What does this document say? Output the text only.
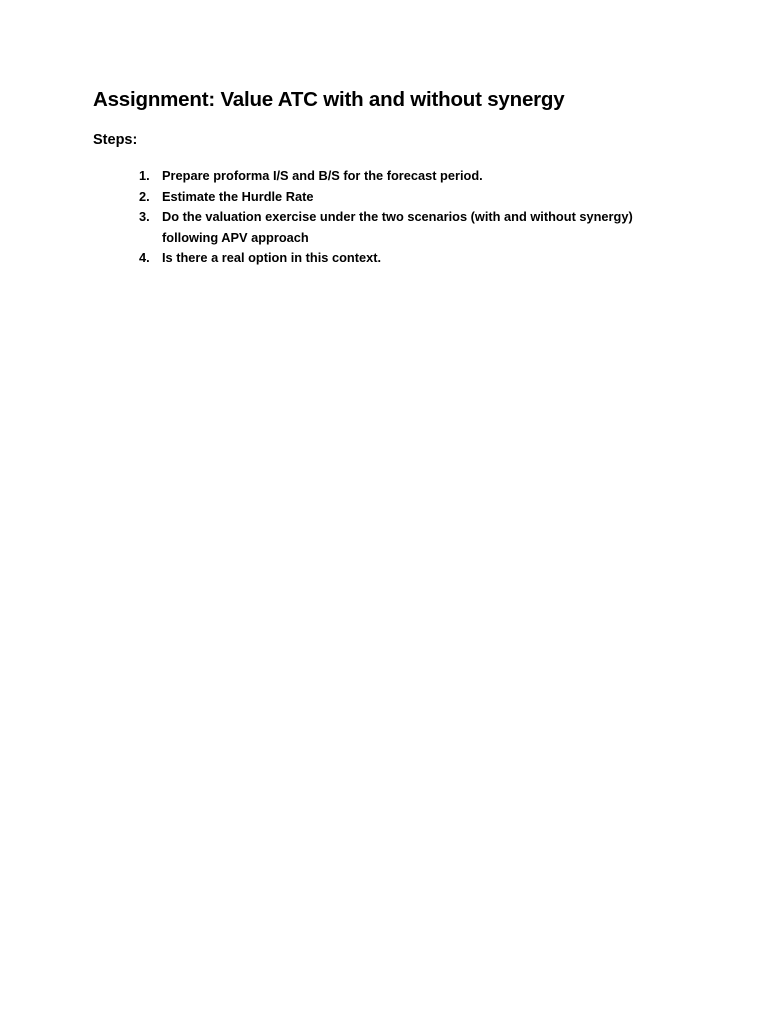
Assignment: Value ATC with and without synergy
Steps:
1. Prepare proforma I/S and B/S for the forecast period.
2. Estimate the Hurdle Rate
3. Do the valuation exercise under the two scenarios (with and without synergy) following APV approach
4. Is there a real option in this context.
